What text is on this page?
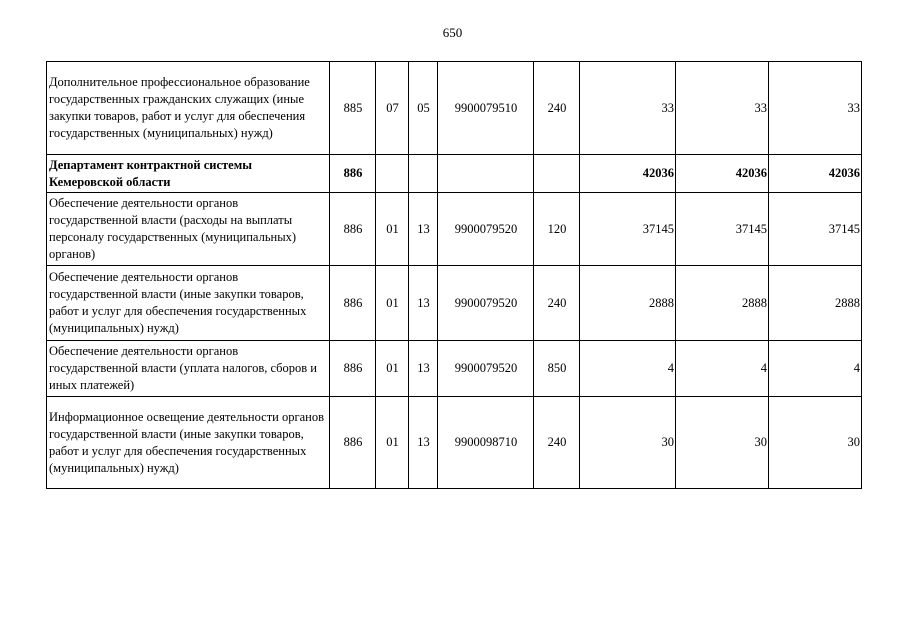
650
Дополнительное профессиональное образование государственных гражданских служащих (иные закупки товаров, работ и услуг для обеспечения государственных (муниципальных) нужд)	885	07	05	9900079510	240	33	33	33
Департамент контрактной системы Кемеровской области	886					42036	42036	42036
Обеспечение деятельности органов государственной власти (расходы на выплаты персоналу государственных (муниципальных) органов)	886	01	13	9900079520	120	37145	37145	37145
Обеспечение деятельности органов государственной власти (иные закупки товаров, работ и услуг для обеспечения государственных (муниципальных) нужд)	886	01	13	9900079520	240	2888	2888	2888
Обеспечение деятельности органов государственной власти (уплата налогов, сборов и иных платежей)	886	01	13	9900079520	850	4	4	4
Информационное освещение деятельности органов государственной власти (иные закупки товаров, работ и услуг для обеспечения государственных (муниципальных) нужд)	886	01	13	9900098710	240	30	30	30
